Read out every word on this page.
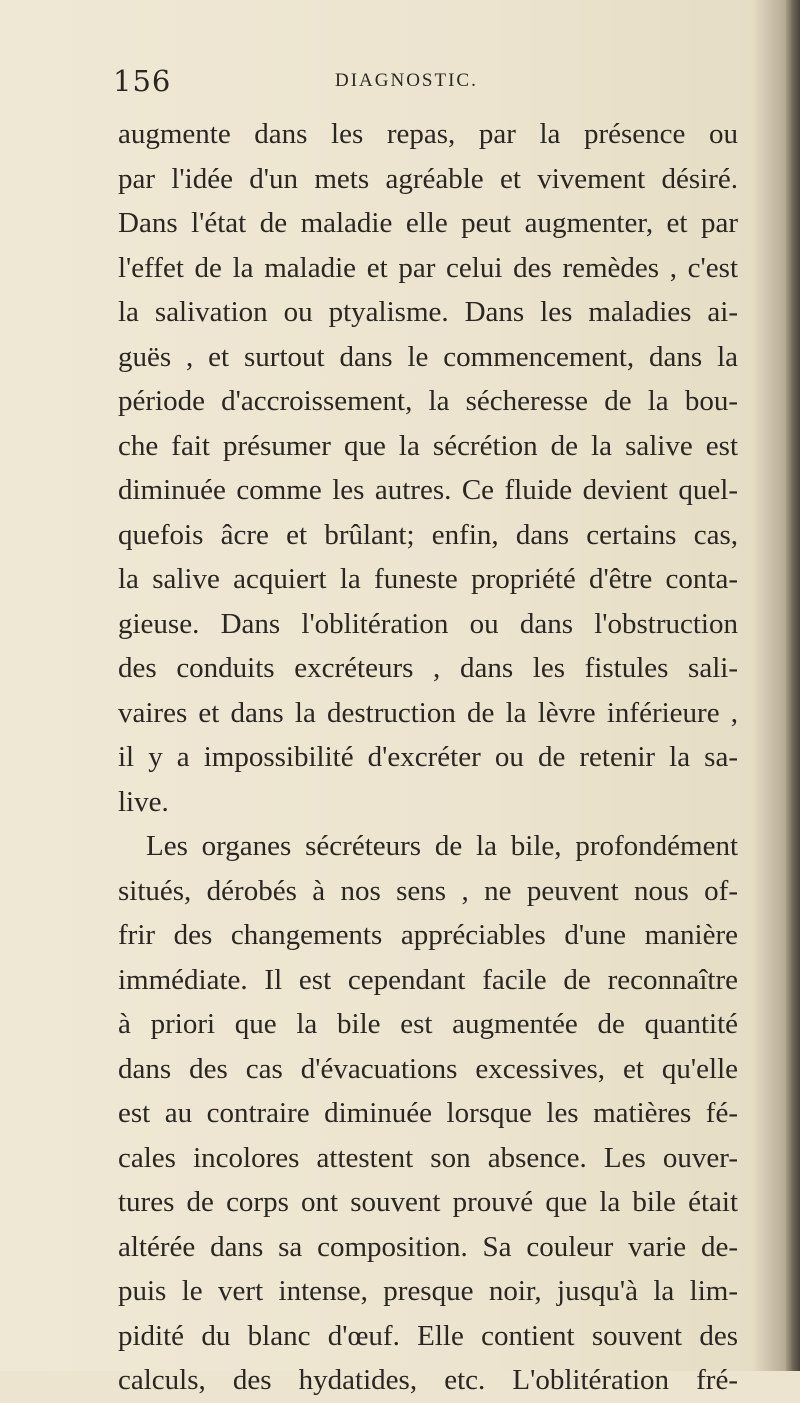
156	DIAGNOSTIC.
augmente dans les repas, par la présence ou
par l'idée d'un mets agréable et vivement désiré.
Dans l'état de maladie elle peut augmenter, et par
l'effet de la maladie et par celui des remèdes , c'est
la salivation ou ptyalisme. Dans les maladies ai-
guës , et surtout dans le commencement, dans la
période d'accroissement, la sécheresse de la bou-
che fait présumer que la sécrétion de la salive est
diminuée comme les autres. Ce fluide devient quel-
quefois âcre et brûlant; enfin, dans certains cas,
la salive acquiert la funeste propriété d'être conta-
gieuse. Dans l'oblitération ou dans l'obstruction
des conduits excréteurs , dans les fistules sali-
vaires et dans la destruction de la lèvre inférieure ,
il y a impossibilité d'excréter ou de retenir la sa-
live.
Les organes sécréteurs de la bile, profondément
situés, dérobés à nos sens , ne peuvent nous of-
frir des changements appréciables d'une manière
immédiate. Il est cependant facile de reconnaître
à priori que la bile est augmentée de quantité
dans des cas d'évacuations excessives, et qu'elle
est au contraire diminuée lorsque les matières fé-
cales incolores attestent son absence. Les ouver-
tures de corps ont souvent prouvé que la bile était
altérée dans sa composition. Sa couleur varie de-
puis le vert intense, presque noir, jusqu'à la lim-
pidité du blanc d'œuf. Elle contient souvent des
calculs, des hydatides, etc. L'oblitération fré-
